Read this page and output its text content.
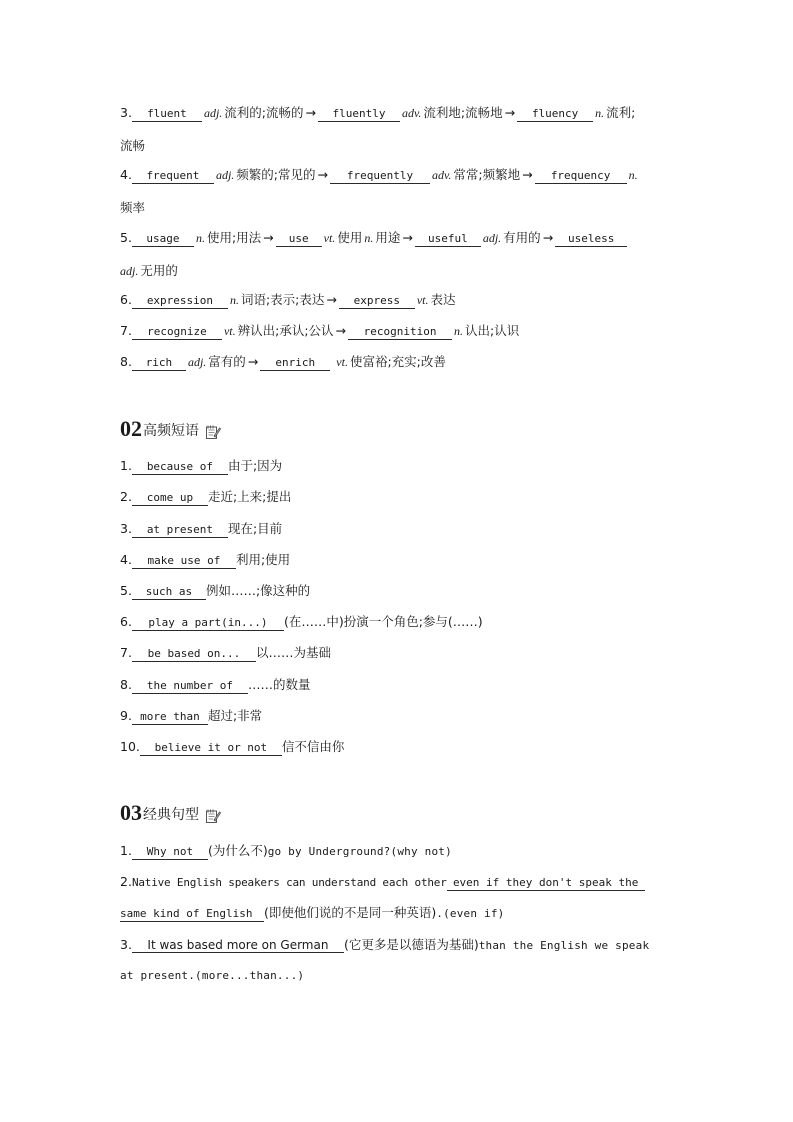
3. fluent adj. 流利的;流畅的 → fluently adv. 流利地;流畅地 → fluency n. 流利;
流畅
4. frequent adj. 频繁的;常见的 → frequently adv. 常常;频繁地 → frequency n.
频率
5. usage n. 使用;用法 → use vt. 使用 n. 用途 → useful adj. 有用的 → useless
adj. 无用的
6. expression n. 词语;表示;表达 → express vt. 表达
7. recognize vt. 辨认出;承认;公认 → recognition n. 认出;认识
8. rich adj. 富有的 → enrich vt. 使富裕;充实;改善
02 高频短语
1. because of 由于;因为
2. come up 走近;上来;提出
3. at present 现在;目前
4. make use of 利用;使用
5. such as 例如……;像这种的
6. play a part(in...) (在……中)扮演一个角色;参与(……)
7. be based on... 以……为基础
8. the number of ……的数量
9. more than 超过;非常
10. believe it or not 信不信由你
03 经典句型
1. Why not (为什么不)go by Underground?(why not)
2.Native English speakers can understand each other even if they don't speak the
same kind of English (即使他们说的不是同一种英语).(even if)
3. It was based more on German (它更多是以德语为基础)than the English we speak
at present.(more...than...)
